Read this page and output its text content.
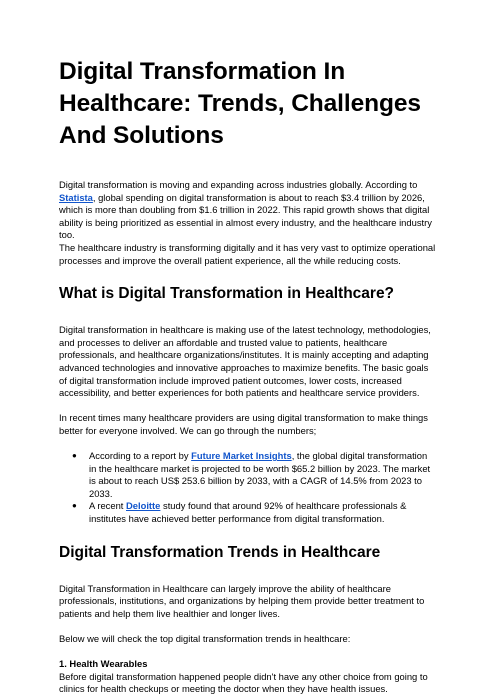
Digital Transformation In Healthcare: Trends, Challenges And Solutions

Digital transformation is moving and expanding across industries globally. According to Statista, global spending on digital transformation is about to reach $3.4 trillion by 2026, which is more than doubling from $1.6 trillion in 2022. This rapid growth shows that digital ability is being prioritized as essential in almost every industry, and the healthcare industry too.

The healthcare industry is transforming digitally and it has very vast to optimize operational processes and improve the overall patient experience, all the while reducing costs.

What is Digital Transformation in Healthcare?

Digital transformation in healthcare is making use of the latest technology, methodologies, and processes to deliver an affordable and trusted value to patients, healthcare professionals, and healthcare organizations/institutes. It is mainly accepting and adapting advanced technologies and innovative approaches to maximize benefits. The basic goals of digital transformation include improved patient outcomes, lower costs, increased accessibility, and better experiences for both patients and healthcare service providers.

In recent times many healthcare providers are using digital transformation to make things better for everyone involved. We can go through the numbers;

● According to a report by Future Market Insights, the global digital transformation in the healthcare market is projected to be worth $65.2 billion by 2023. The market is about to reach US$ 253.6 billion by 2033, with a CAGR of 14.5% from 2023 to 2033.
● A recent Deloitte study found that around 92% of healthcare professionals & institutes have achieved better performance from digital transformation.
Digital Transformation Trends in Healthcare

Digital Transformation in Healthcare can largely improve the ability of healthcare professionals, institutions, and organizations by helping them provide better treatment to patients and help them live healthier and longer lives.

Below we will check the top digital transformation trends in healthcare:

1. Health Wearables

Before digital transformation happened people didn't have any other choice from going to clinics for health checkups or meeting the doctor when they have health issues.
